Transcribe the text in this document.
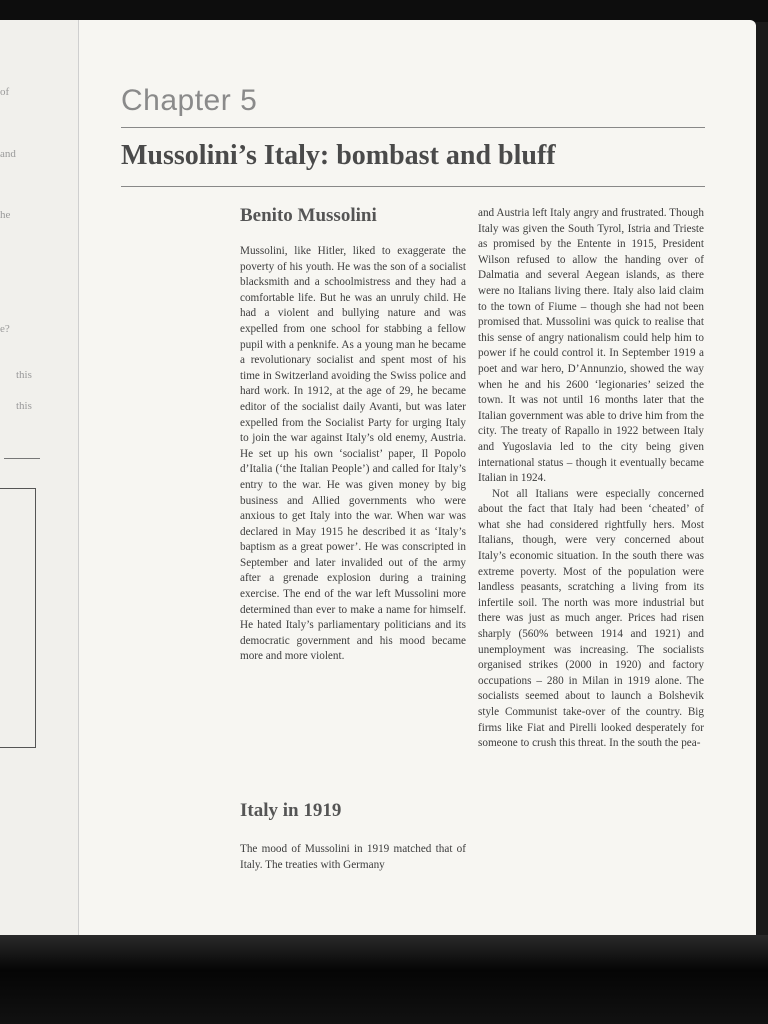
of
and
he
e?
this
this
Chapter 5
Mussolini’s Italy: bombast and bluff
Benito Mussolini

Mussolini, like Hitler, liked to exaggerate the poverty of his youth. He was the son of a socialist blacksmith and a schoolmistress and they had a comfortable life. But he was an unruly child. He had a violent and bullying nature and was expelled from one school for stabbing a fellow pupil with a penknife. As a young man he became a revolutionary socialist and spent most of his time in Switzerland avoiding the Swiss police and hard work. In 1912, at the age of 29, he became editor of the socialist daily Avanti, but was later expelled from the Socialist Party for urging Italy to join the war against Italy’s old enemy, Austria. He set up his own ‘socialist’ paper, Il Popolo d’Italia (‘the Italian People’) and called for Italy’s entry to the war. He was given money by big business and Allied governments who were anxious to get Italy into the war. When war was declared in May 1915 he described it as ‘Italy’s baptism as a great power’. He was conscripted in September and later invalided out of the army after a grenade explosion during a training exercise. The end of the war left Mussolini more determined than ever to make a name for himself. He hated Italy’s parliamentary politicians and its democratic government and his mood became more and more violent.

Italy in 1919

The mood of Mussolini in 1919 matched that of Italy. The treaties with Germany

and Austria left Italy angry and frustrated. Though Italy was given the South Tyrol, Istria and Trieste as promised by the Entente in 1915, President Wilson refused to allow the handing over of Dalmatia and several Aegean islands, as there were no Italians living there. Italy also laid claim to the town of Fiume – though she had not been promised that. Mussolini was quick to realise that this sense of angry nationalism could help him to power if he could control it. In September 1919 a poet and war hero, D’Annunzio, showed the way when he and his 2600 ‘legionaries’ seized the town. It was not until 16 months later that the Italian government was able to drive him from the city. The treaty of Rapallo in 1922 between Italy and Yugoslavia led to the city being given international status – though it eventually became Italian in 1924.

Not all Italians were especially concerned about the fact that Italy had been ‘cheated’ of what she had considered rightfully hers. Most Italians, though, were very concerned about Italy’s economic situation. In the south there was extreme poverty. Most of the population were landless peasants, scratching a living from its infertile soil. The north was more industrial but there was just as much anger. Prices had risen sharply (560% between 1914 and 1921) and unemployment was increasing. The socialists organised strikes (2000 in 1920) and factory occupations – 280 in Milan in 1919 alone. The socialists seemed about to launch a Bolshevik style Communist take-over of the country. Big firms like Fiat and Pirelli looked desperately for someone to crush this threat. In the south the pea-
